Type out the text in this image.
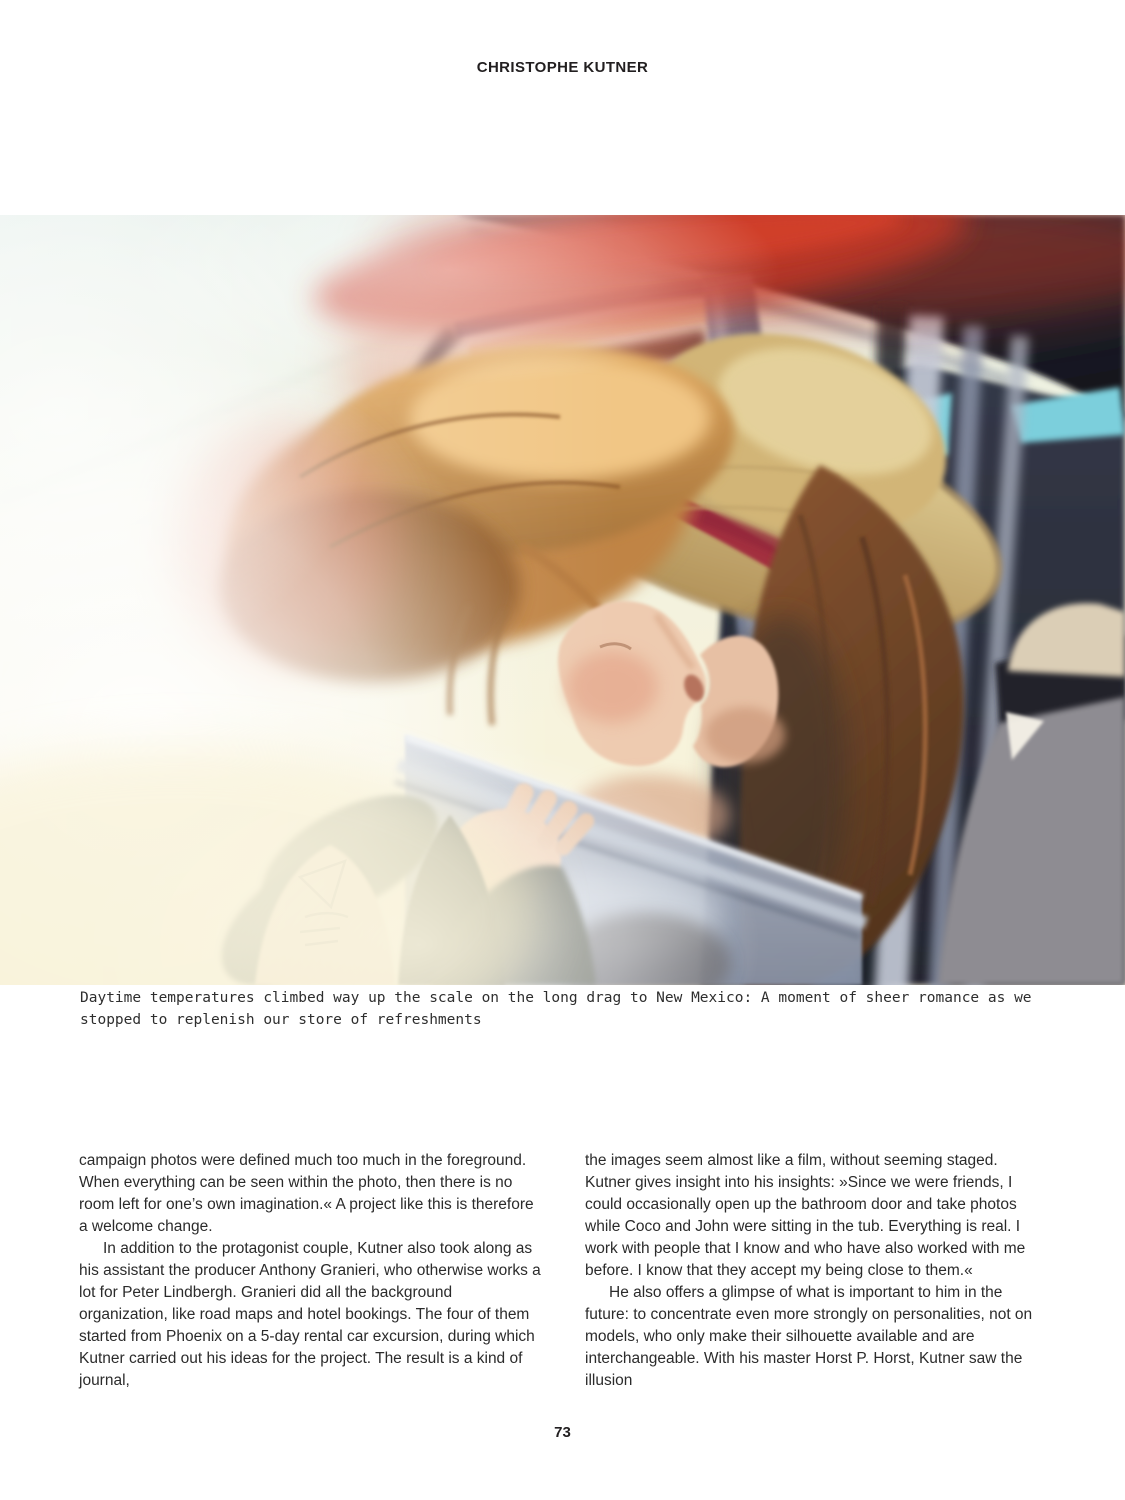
CHRISTOPHE KUTNER

Daytime temperatures climbed way up the scale on the long drag to New Mexico: A moment of sheer romance as we stopped to replenish our store of refreshments

campaign photos were defined much too much in the foreground. When everything can be seen within the photo, then there is no room left for one’s own imagination.« A project like this is therefore a welcome change.

In addition to the protagonist couple, Kutner also took along as his assistant the producer Anthony Granieri, who otherwise works a lot for Peter Lindbergh. Granieri did all the background organization, like road maps and hotel bookings. The four of them started from Phoenix on a 5-day rental car excursion, during which Kutner carried out his ideas for the project. The result is a kind of journal,

the images seem almost like a film, without seeming staged. Kutner gives insight into his insights: »Since we were friends, I could occasionally open up the bathroom door and take photos while Coco and John were sitting in the tub. Everything is real. I work with people that I know and who have also worked with me before. I know that they accept my being close to them.«

He also offers a glimpse of what is important to him in the future: to concentrate even more strongly on personalities, not on models, who only make their silhouette available and are interchangeable. With his master Horst P. Horst, Kutner saw the illusion

73
